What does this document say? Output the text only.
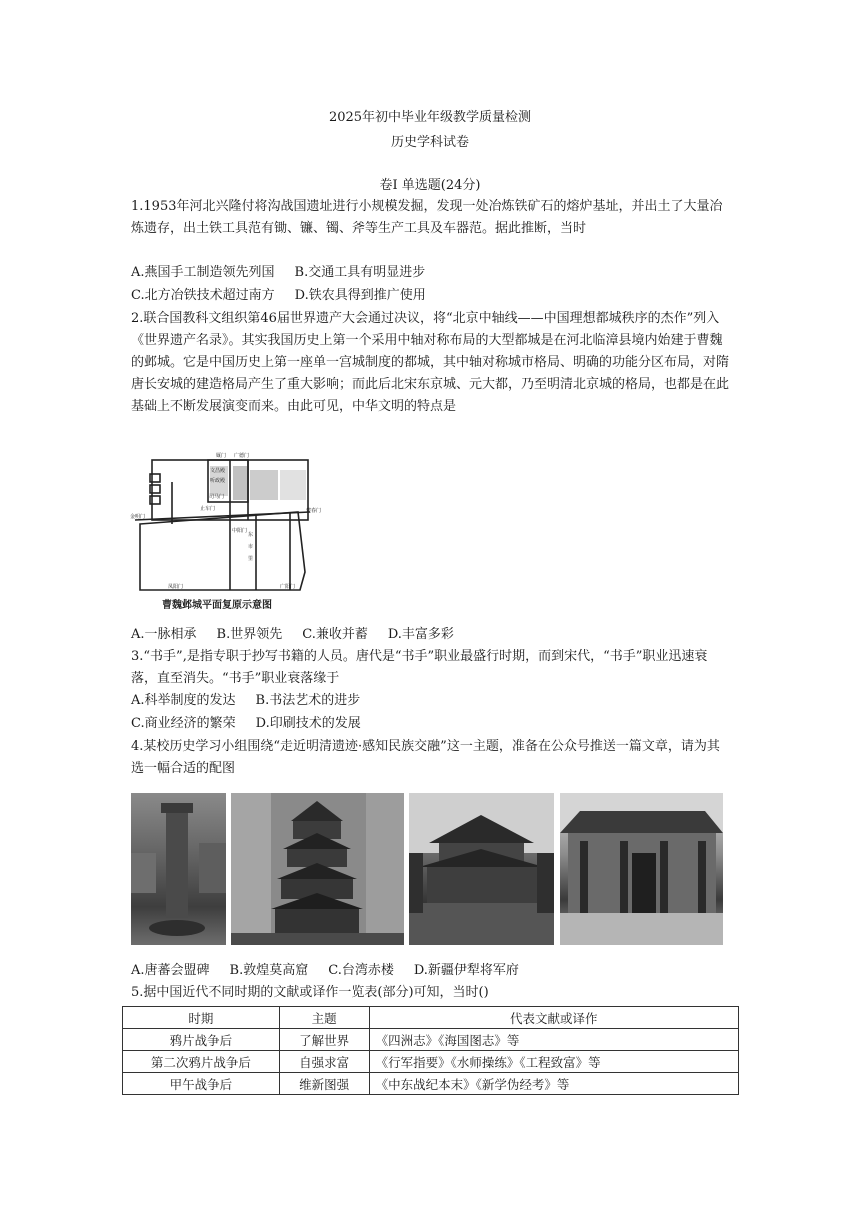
2025年初中毕业年级教学质量检测
历史学科试卷
卷Ⅰ 单选题(24分)
1.1953年河北兴隆付将沟战国遗址进行小规模发掘，发现一处冶炼铁矿石的熔炉基址，并出土了大量冶炼遗存，出土铁工具范有锄、镰、镯、斧等生产工具及车器范。据此推断，当时
A.燕国手工制造领先列国 B.交通工具有明显进步
C.北方冶铁技术超过南方 D.铁农具得到推广使用
2.联合国教科文组织第46届世界遗产大会通过决议，将“北京中轴线——中国理想都城秩序的杰作”列入《世界遗产名录》。其实我国历史上第一个采用中轴对称布局的大型都城是在河北临漳县境内始建于曹魏的邺城。它是中国历史上第一座单一宫城制度的都城，其中轴对称城市格局、明确的功能分区布局，对隋唐长安城的建造格局产生了重大影响；而此后北宋东京城、元大都，乃至明清北京城的格局，也都是在此基础上不断发展演变而来。由此可见，中华文明的特点是
厩门 广德门
文昌殿
听政殿
司马门
金明门
止车门
中阳门
凤阳门	广阳门
建春门
东
市
里
曹魏邺城平面复原示意图
A.一脉相承 B.世界领先 C.兼收并蓄 D.丰富多彩
3.“书手”,是指专职于抄写书籍的人员。唐代是“书手”职业最盛行时期，而到宋代，“书手”职业迅速衰落，直至消失。“书手”职业衰落缘于
A.科举制度的发达 B.书法艺术的进步
C.商业经济的繁荣 D.印刷技术的发展
4.某校历史学习小组围绕“走近明清遗迹·感知民族交融”这一主题，准备在公众号推送一篇文章，请为其选一幅合适的配图
A.唐蕃会盟碑 B.敦煌莫高窟 C.台湾赤楼 D.新疆伊犁将军府
5.据中国近代不同时期的文献或译作一览表(部分)可知，当时()
时期	主题	代表文献或译作
鸦片战争后	了解世界	《四洲志》《海国图志》等
第二次鸦片战争后	自强求富	《行军指要》《水师操练》《工程致富》等
甲午战争后	维新图强	《中东战纪本末》《新学伪经考》等
